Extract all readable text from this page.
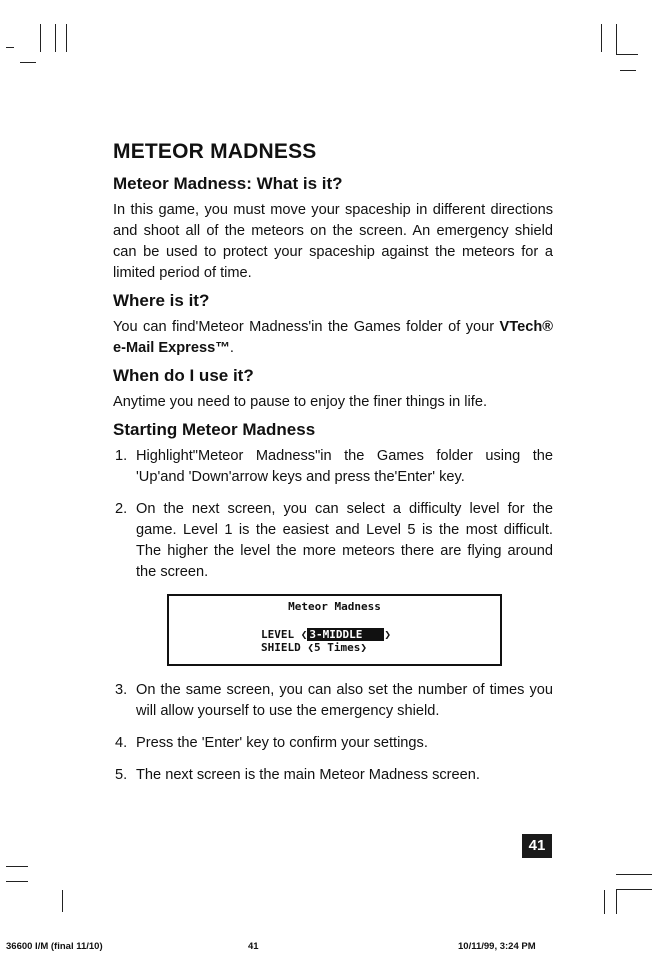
METEOR MADNESS
Meteor Madness: What is it?
In this game, you must move your spaceship in different directions and shoot all of the meteors on the screen. An emergency shield can be used to protect your spaceship against the meteors for a limited period of time.
Where is it?
You can find'Meteor Madness'in the Games folder of your VTech® e-Mail Express™.
When do I use it?
Anytime you need to pause to enjoy the finer things in life.
Starting Meteor Madness
1. Highlight"Meteor Madness"in the Games folder using the 'Up'and 'Down'arrow keys and press the'Enter' key.
2. On the next screen, you can select a difficulty level for the game. Level 1 is the easiest and Level 5 is the most difficult. The higher the level the more meteors there are flying around the screen.
Meteor Madness
LEVEL ❮ 3-MIDDLE ❯
SHIELD ❮5 Times❯
3. On the same screen, you can also set the number of times you will allow yourself to use the emergency shield.
4. Press the 'Enter' key to confirm your settings.
5. The next screen is the main Meteor Madness screen.
41
36600 I/M (final 11/10)	41	10/11/99, 3:24 PM
